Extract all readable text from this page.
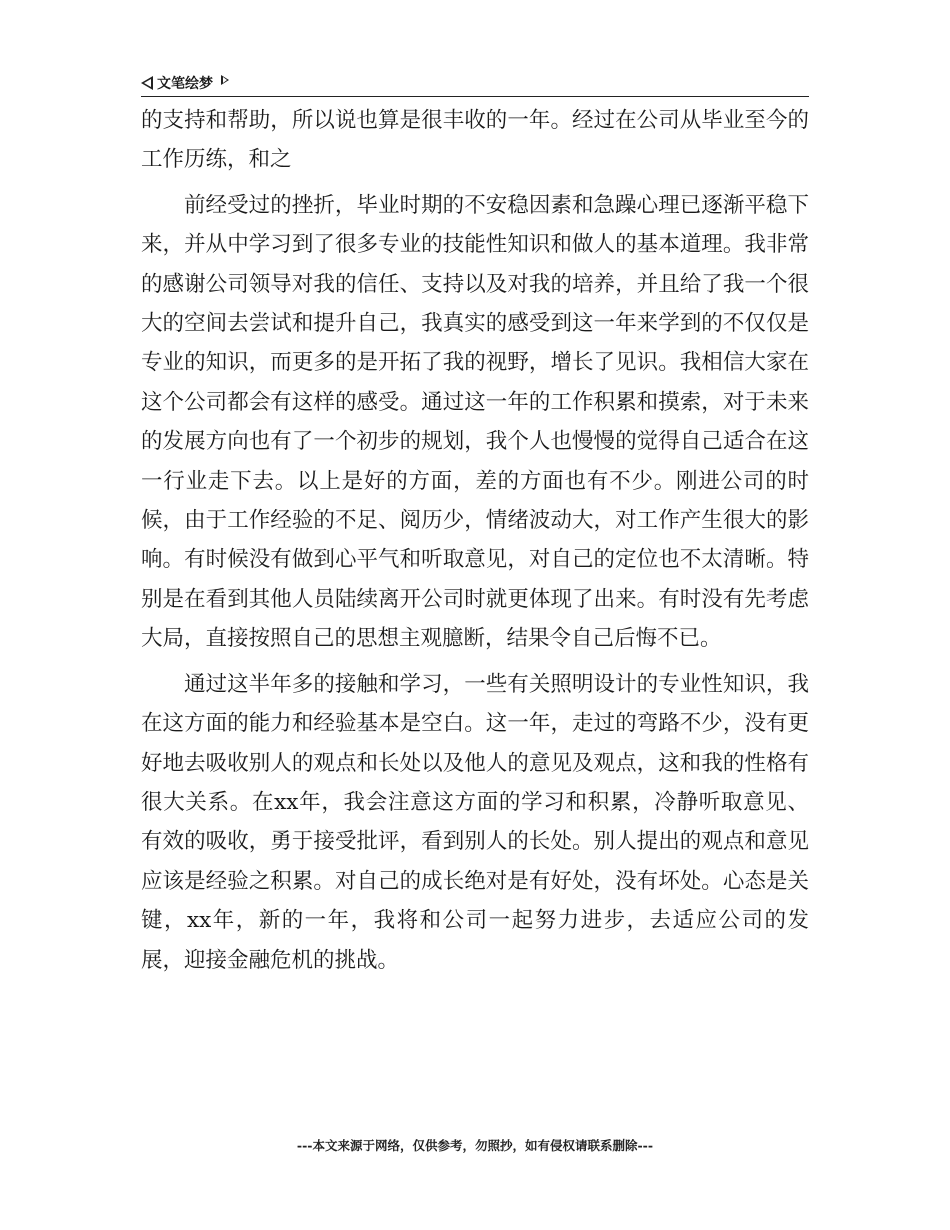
文笔绘梦

的支持和帮助，所以说也算是很丰收的一年。经过在公司从毕业至今的工作历练，和之

前经受过的挫折，毕业时期的不安稳因素和急躁心理已逐渐平稳下来，并从中学习到了很多专业的技能性知识和做人的基本道理。我非常的感谢公司领导对我的信任、支持以及对我的培养，并且给了我一个很大的空间去尝试和提升自己，我真实的感受到这一年来学到的不仅仅是专业的知识，而更多的是开拓了我的视野，增长了见识。我相信大家在这个公司都会有这样的感受。通过这一年的工作积累和摸索，对于未来的发展方向也有了一个初步的规划，我个人也慢慢的觉得自己适合在这一行业走下去。以上是好的方面，差的方面也有不少。刚进公司的时候，由于工作经验的不足、阅历少，情绪波动大，对工作产生很大的影响。有时候没有做到心平气和听取意见，对自己的定位也不太清晰。特别是在看到其他人员陆续离开公司时就更体现了出来。有时没有先考虑大局，直接按照自己的思想主观臆断，结果令自己后悔不已。

通过这半年多的接触和学习，一些有关照明设计的专业性知识，我在这方面的能力和经验基本是空白。这一年，走过的弯路不少，没有更好地去吸收别人的观点和长处以及他人的意见及观点，这和我的性格有很大关系。在xx年，我会注意这方面的学习和积累，冷静听取意见、有效的吸收，勇于接受批评，看到别人的长处。别人提出的观点和意见应该是经验之积累。对自己的成长绝对是有好处，没有坏处。心态是关键，xx年，新的一年，我将和公司一起努力进步，去适应公司的发展，迎接金融危机的挑战。

---本文来源于网络，仅供参考，勿照抄，如有侵权请联系删除---
